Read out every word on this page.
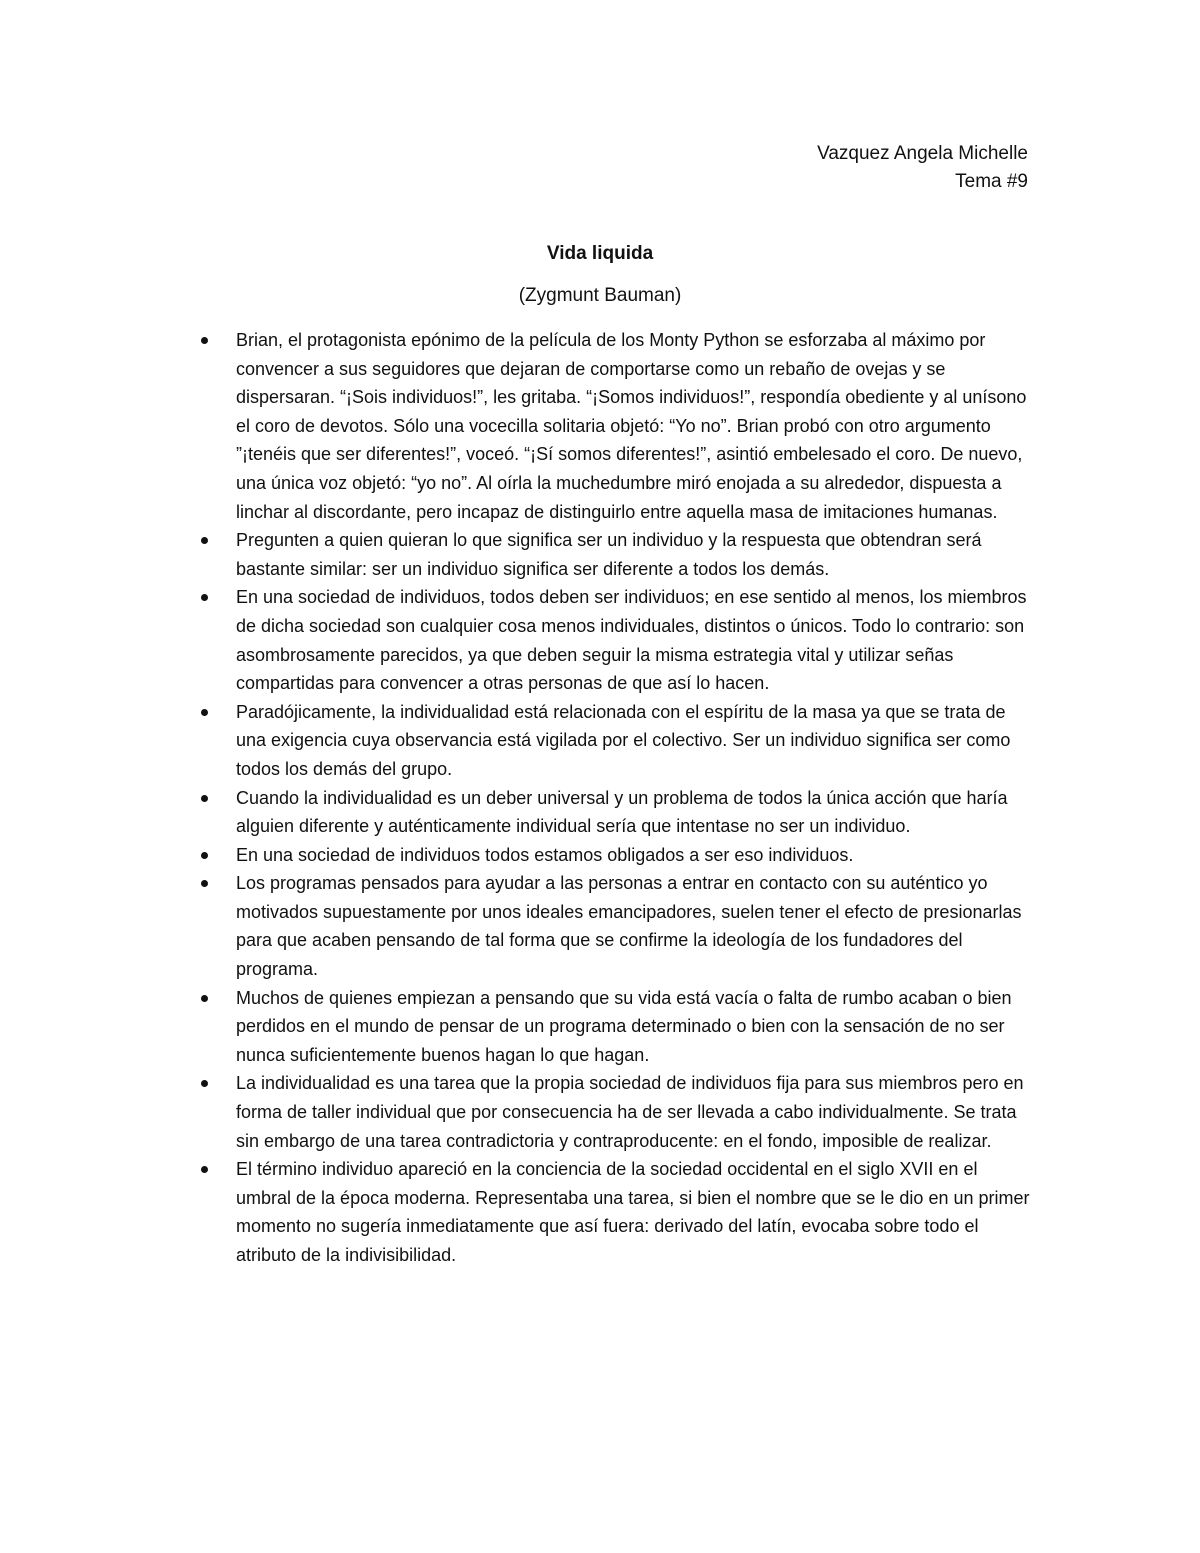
Vazquez Angela Michelle
Tema #9
Vida liquida
(Zygmunt Bauman)
Brian, el protagonista epónimo de la película de los Monty Python se esforzaba al máximo por convencer a sus seguidores que dejaran de comportarse como un rebaño de ovejas y se dispersaran. “¡Sois individuos!”, les gritaba. “¡Somos individuos!”, respondía obediente y al unísono el coro de devotos. Sólo una vocecilla solitaria objetó: “Yo no”. Brian probó con otro argumento ”¡tenéis que ser diferentes!”, voceó. “¡Sí somos diferentes!”, asintió embelesado el coro. De nuevo, una única voz objetó: “yo no”. Al oírla la muchedumbre miró enojada a su alrededor, dispuesta a linchar al discordante, pero incapaz de distinguirlo entre aquella masa de imitaciones humanas.
Pregunten a quien quieran lo que significa ser un individuo y la respuesta que obtendran será bastante similar: ser un individuo significa ser diferente a todos los demás.
En una sociedad de individuos, todos deben ser individuos; en ese sentido al menos, los miembros de dicha sociedad son cualquier cosa menos individuales, distintos o únicos. Todo lo contrario: son asombrosamente parecidos, ya que deben seguir la misma estrategia vital y utilizar señas compartidas para convencer a otras personas de que así lo hacen.
Paradójicamente, la individualidad está relacionada con el espíritu de la masa ya que se trata de una exigencia cuya observancia está vigilada por el colectivo. Ser un individuo significa ser como todos los demás del grupo.
Cuando la individualidad es un deber universal y un problema de todos la única acción que haría alguien diferente y auténticamente individual sería que intentase no ser un individuo.
En una sociedad de individuos todos estamos obligados a ser eso individuos.
Los programas pensados para ayudar a las personas a entrar en contacto con su auténtico yo motivados supuestamente por unos ideales emancipadores, suelen tener el efecto de presionarlas para que acaben pensando de tal forma que se confirme la ideología de los fundadores del programa.
Muchos de quienes empiezan a pensando que su vida está vacía o falta de rumbo acaban o bien perdidos en el mundo de pensar de un programa determinado o bien con la sensación de no ser nunca suficientemente buenos hagan lo que hagan.
La individualidad es una tarea que la propia sociedad de individuos fija para sus miembros pero en forma de taller individual que por consecuencia ha de ser llevada a cabo individualmente. Se trata sin embargo de una tarea contradictoria y contraproducente: en el fondo, imposible de realizar.
El término individuo apareció en la conciencia de la sociedad occidental en el siglo XVII en el umbral de la época moderna. Representaba una tarea, si bien el nombre que se le dio en un primer momento no sugería inmediatamente que así fuera: derivado del latín, evocaba sobre todo el atributo de la indivisibilidad.
